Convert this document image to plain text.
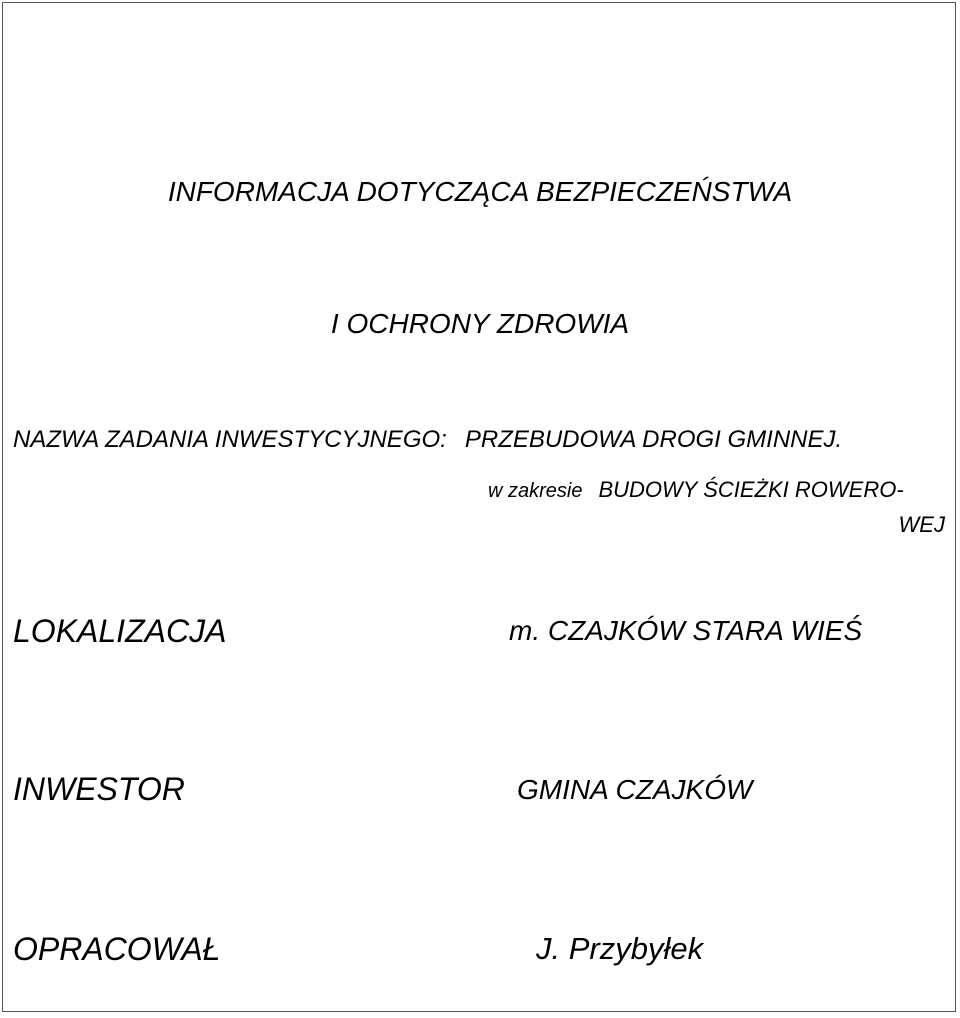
INFORMACJA DOTYCZĄCA BEZPIECZEŃSTWA
I OCHRONY ZDROWIA
NAZWA ZADANIA INWESTYCYJNEGO: PRZEBUDOWA DROGI GMINNEJ.
w zakresie BUDOWY ŚCIEŻKI ROWERO-
WEJ
LOKALIZACJA	m. CZAJKÓW STARA WIEŚ
INWESTOR	GMINA CZAJKÓW
OPRACOWAŁ	J. Przybyłek
